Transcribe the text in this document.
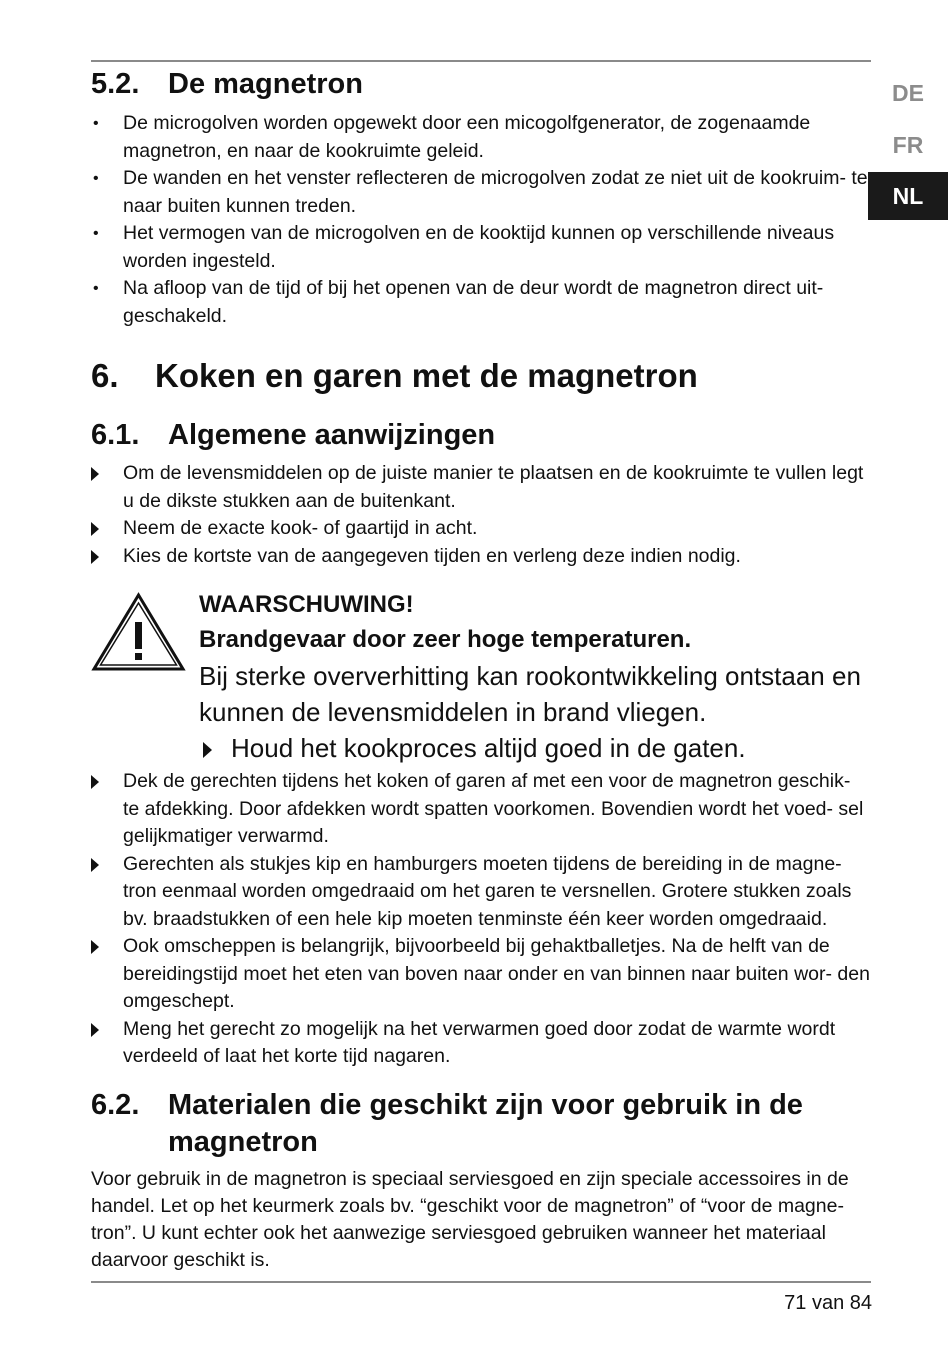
DE
FR
NL
5.2. De magnetron
• De microgolven worden opgewekt door een micogolfgenerator, de zogenaamde magnetron, en naar de kookruimte geleid.
• De wanden en het venster reflecteren de microgolven zodat ze niet uit de kookruim- te naar buiten kunnen treden.
• Het vermogen van de microgolven en de kooktijd kunnen op verschillende niveaus worden ingesteld.
• Na afloop van de tijd of bij het openen van de deur wordt de magnetron direct uit- geschakeld.
6. Koken en garen met de magnetron
6.1. Algemene aanwijzingen
Om de levensmiddelen op de juiste manier te plaatsen en de kookruimte te vullen legt u de dikste stukken aan de buitenkant.
Neem de exacte kook- of gaartijd in acht.
Kies de kortste van de aangegeven tijden en verleng deze indien nodig.
WAARSCHUWING!
Brandgevaar door zeer hoge temperaturen.
Bij sterke oververhitting kan rookontwikkeling ontstaan en kunnen de levensmiddelen in brand vliegen.
Houd het kookproces altijd goed in de gaten.
Dek de gerechten tijdens het koken of garen af met een voor de magnetron geschik- te afdekking. Door afdekken wordt spatten voorkomen. Bovendien wordt het voed- sel gelijkmatiger verwarmd.
Gerechten als stukjes kip en hamburgers moeten tijdens de bereiding in de magne- tron eenmaal worden omgedraaid om het garen te versnellen. Grotere stukken zoals bv. braadstukken of een hele kip moeten tenminste één keer worden omgedraaid.
Ook omscheppen is belangrijk, bijvoorbeeld bij gehaktballetjes. Na de helft van de bereidingstijd moet het eten van boven naar onder en van binnen naar buiten wor- den omgeschept.
Meng het gerecht zo mogelijk na het verwarmen goed door zodat de warmte wordt verdeeld of laat het korte tijd nagaren.
6.2. Materialen die geschikt zijn voor gebruik in de
magnetron
Voor gebruik in de magnetron is speciaal serviesgoed en zijn speciale accessoires in de handel. Let op het keurmerk zoals bv. “geschikt voor de magnetron” of “voor de magne- tron”. U kunt echter ook het aanwezige serviesgoed gebruiken wanneer het materiaal daarvoor geschikt is.
71 van 84
